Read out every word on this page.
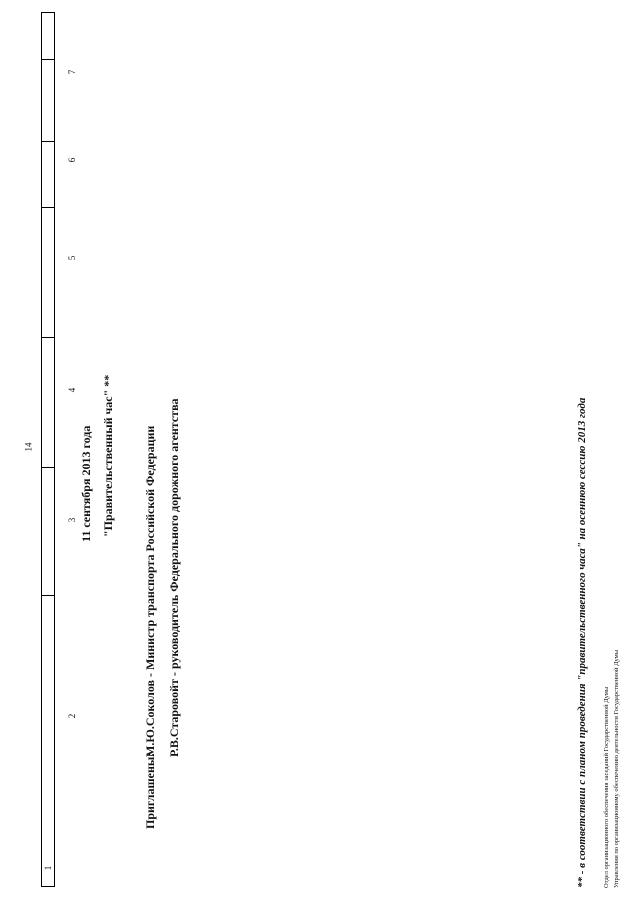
14
1
2
3
4
5
6
7
11 сентября 2013 года "Правительственный час" **
Приглашены:
М.Ю.Соколов - Министр транспорта Российской Федерации Р.В.Старовойт - руководитель Федерального дорожного агентства	** - в соответствии с планом проведения "правительственного часа" на осеннюю сессию 2013 года Отдел организационного обеспечения заседаний Государственной Думы Управления по организационному обеспечению деятельности Государственной Думы
